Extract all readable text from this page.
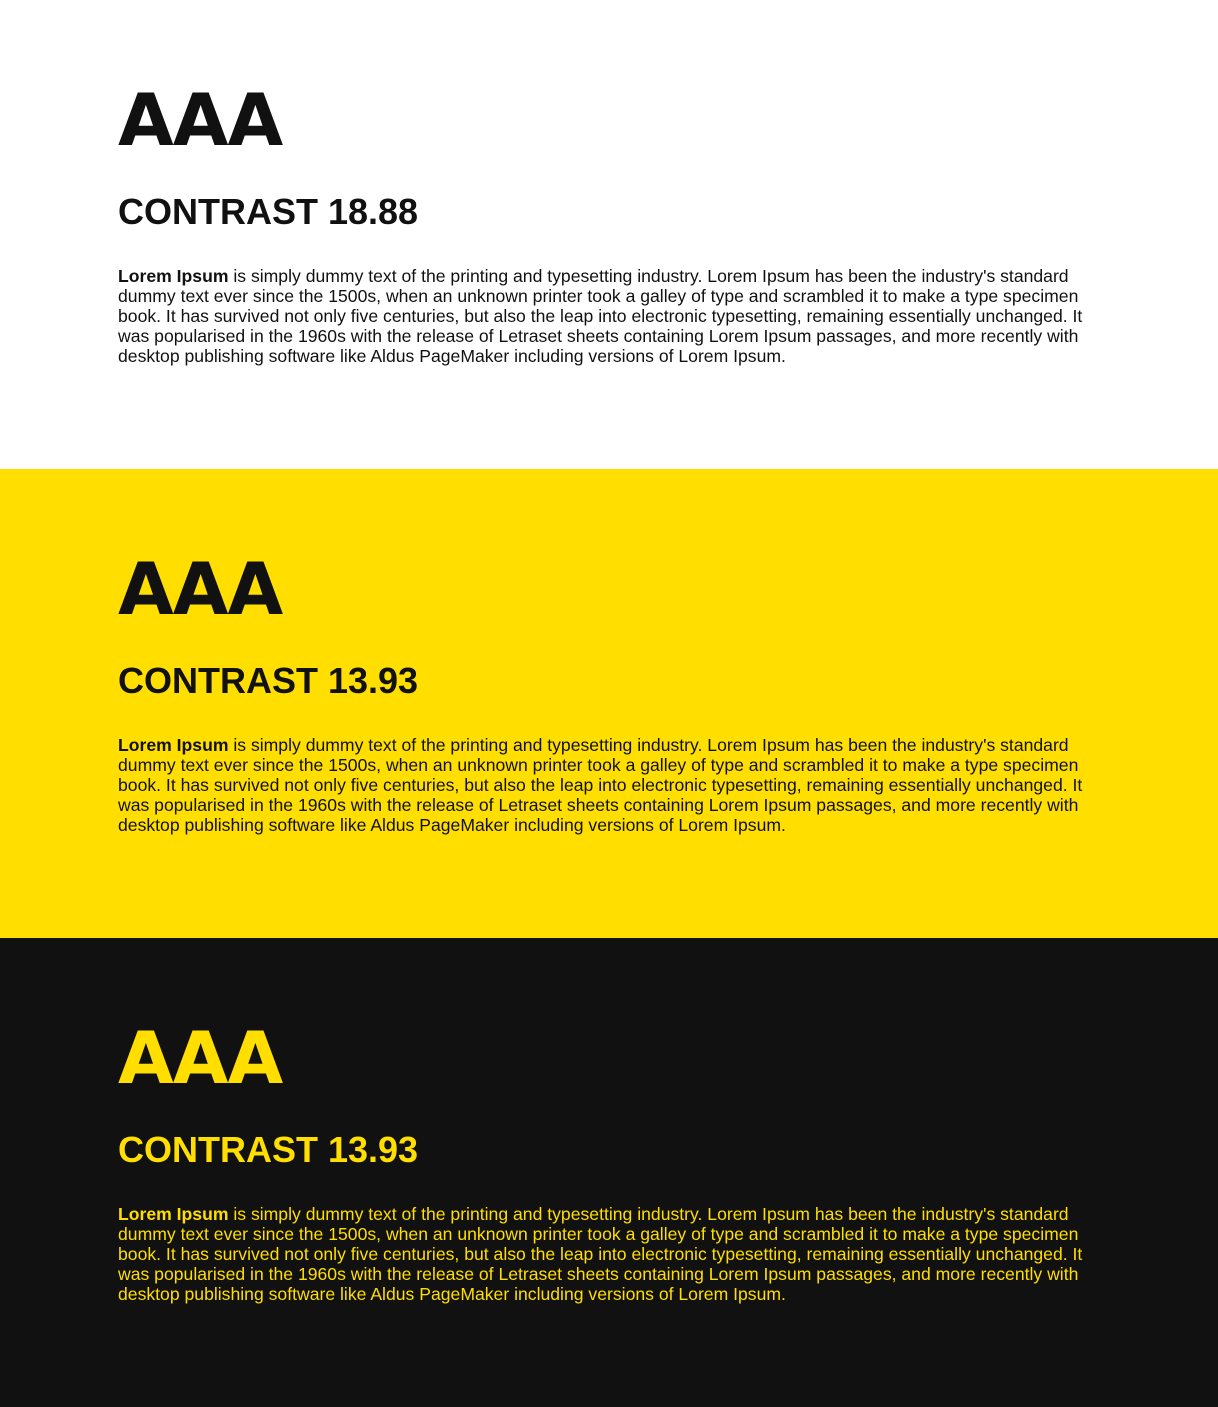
AAA
CONTRAST 18.88

Lorem Ipsum is simply dummy text of the printing and typesetting industry. Lorem Ipsum has been the industry's standard dummy text ever since the 1500s, when an unknown printer took a galley of type and scrambled it to make a type specimen book. It has survived not only five centuries, but also the leap into electronic typesetting, remaining essentially unchanged. It was popularised in the 1960s with the release of Letraset sheets containing Lorem Ipsum passages, and more recently with desktop publishing software like Aldus PageMaker including versions of Lorem Ipsum.

AAA
CONTRAST 13.93

Lorem Ipsum is simply dummy text of the printing and typesetting industry. Lorem Ipsum has been the industry's standard dummy text ever since the 1500s, when an unknown printer took a galley of type and scrambled it to make a type specimen book. It has survived not only five centuries, but also the leap into electronic typesetting, remaining essentially unchanged. It was popularised in the 1960s with the release of Letraset sheets containing Lorem Ipsum passages, and more recently with desktop publishing software like Aldus PageMaker including versions of Lorem Ipsum.

AAA
CONTRAST 13.93

Lorem Ipsum is simply dummy text of the printing and typesetting industry. Lorem Ipsum has been the industry's standard dummy text ever since the 1500s, when an unknown printer took a galley of type and scrambled it to make a type specimen book. It has survived not only five centuries, but also the leap into electronic typesetting, remaining essentially unchanged. It was popularised in the 1960s with the release of Letraset sheets containing Lorem Ipsum passages, and more recently with desktop publishing software like Aldus PageMaker including versions of Lorem Ipsum.
